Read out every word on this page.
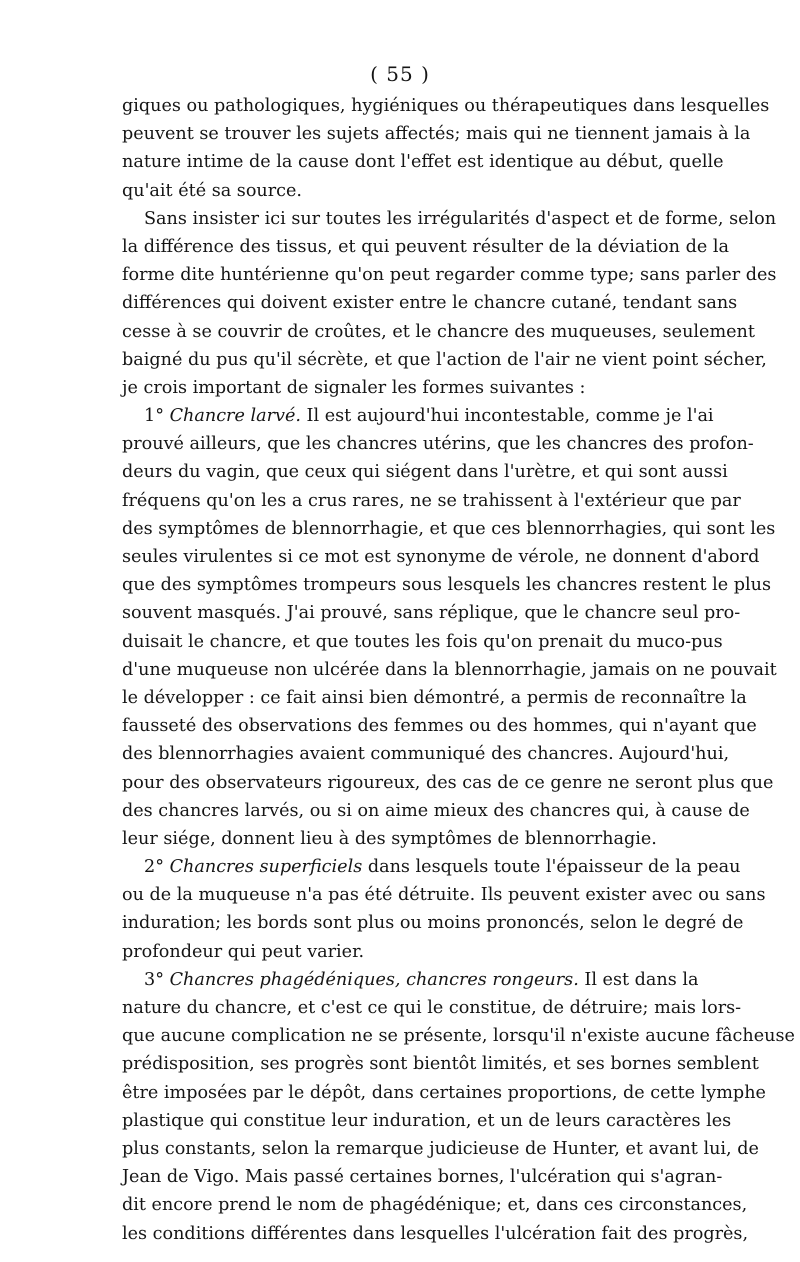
( 55 )
giques ou pathologiques, hygiéniques ou thérapeutiques dans lesquelles
peuvent se trouver les sujets affectés; mais qui ne tiennent jamais à la
nature intime de la cause dont l'effet est identique au début, quelle
qu'ait été sa source.
Sans insister ici sur toutes les irrégularités d'aspect et de forme, selon
la différence des tissus, et qui peuvent résulter de la déviation de la
forme dite huntérienne qu'on peut regarder comme type; sans parler des
différences qui doivent exister entre le chancre cutané, tendant sans
cesse à se couvrir de croûtes, et le chancre des muqueuses, seulement
baigné du pus qu'il sécrète, et que l'action de l'air ne vient point sécher,
je crois important de signaler les formes suivantes :
1° Chancre larvé. Il est aujourd'hui incontestable, comme je l'ai
prouvé ailleurs, que les chancres utérins, que les chancres des profon-
deurs du vagin, que ceux qui siégent dans l'urètre, et qui sont aussi
fréquens qu'on les a crus rares, ne se trahissent à l'extérieur que par
des symptômes de blennorrhagie, et que ces blennorrhagies, qui sont les
seules virulentes si ce mot est synonyme de vérole, ne donnent d'abord
que des symptômes trompeurs sous lesquels les chancres restent le plus
souvent masqués. J'ai prouvé, sans réplique, que le chancre seul pro-
duisait le chancre, et que toutes les fois qu'on prenait du muco-pus
d'une muqueuse non ulcérée dans la blennorrhagie, jamais on ne pouvait
le développer : ce fait ainsi bien démontré, a permis de reconnaître la
fausseté des observations des femmes ou des hommes, qui n'ayant que
des blennorrhagies avaient communiqué des chancres. Aujourd'hui,
pour des observateurs rigoureux, des cas de ce genre ne seront plus que
des chancres larvés, ou si on aime mieux des chancres qui, à cause de
leur siége, donnent lieu à des symptômes de blennorrhagie.
2° Chancres superficiels dans lesquels toute l'épaisseur de la peau
ou de la muqueuse n'a pas été détruite. Ils peuvent exister avec ou sans
induration; les bords sont plus ou moins prononcés, selon le degré de
profondeur qui peut varier.
3° Chancres phagédéniques, chancres rongeurs. Il est dans la
nature du chancre, et c'est ce qui le constitue, de détruire; mais lors-
que aucune complication ne se présente, lorsqu'il n'existe aucune fâcheuse
prédisposition, ses progrès sont bientôt limités, et ses bornes semblent
être imposées par le dépôt, dans certaines proportions, de cette lymphe
plastique qui constitue leur induration, et un de leurs caractères les
plus constants, selon la remarque judicieuse de Hunter, et avant lui, de
Jean de Vigo. Mais passé certaines bornes, l'ulcération qui s'agran-
dit encore prend le nom de phagédénique; et, dans ces circonstances,
les conditions différentes dans lesquelles l'ulcération fait des progrès,
